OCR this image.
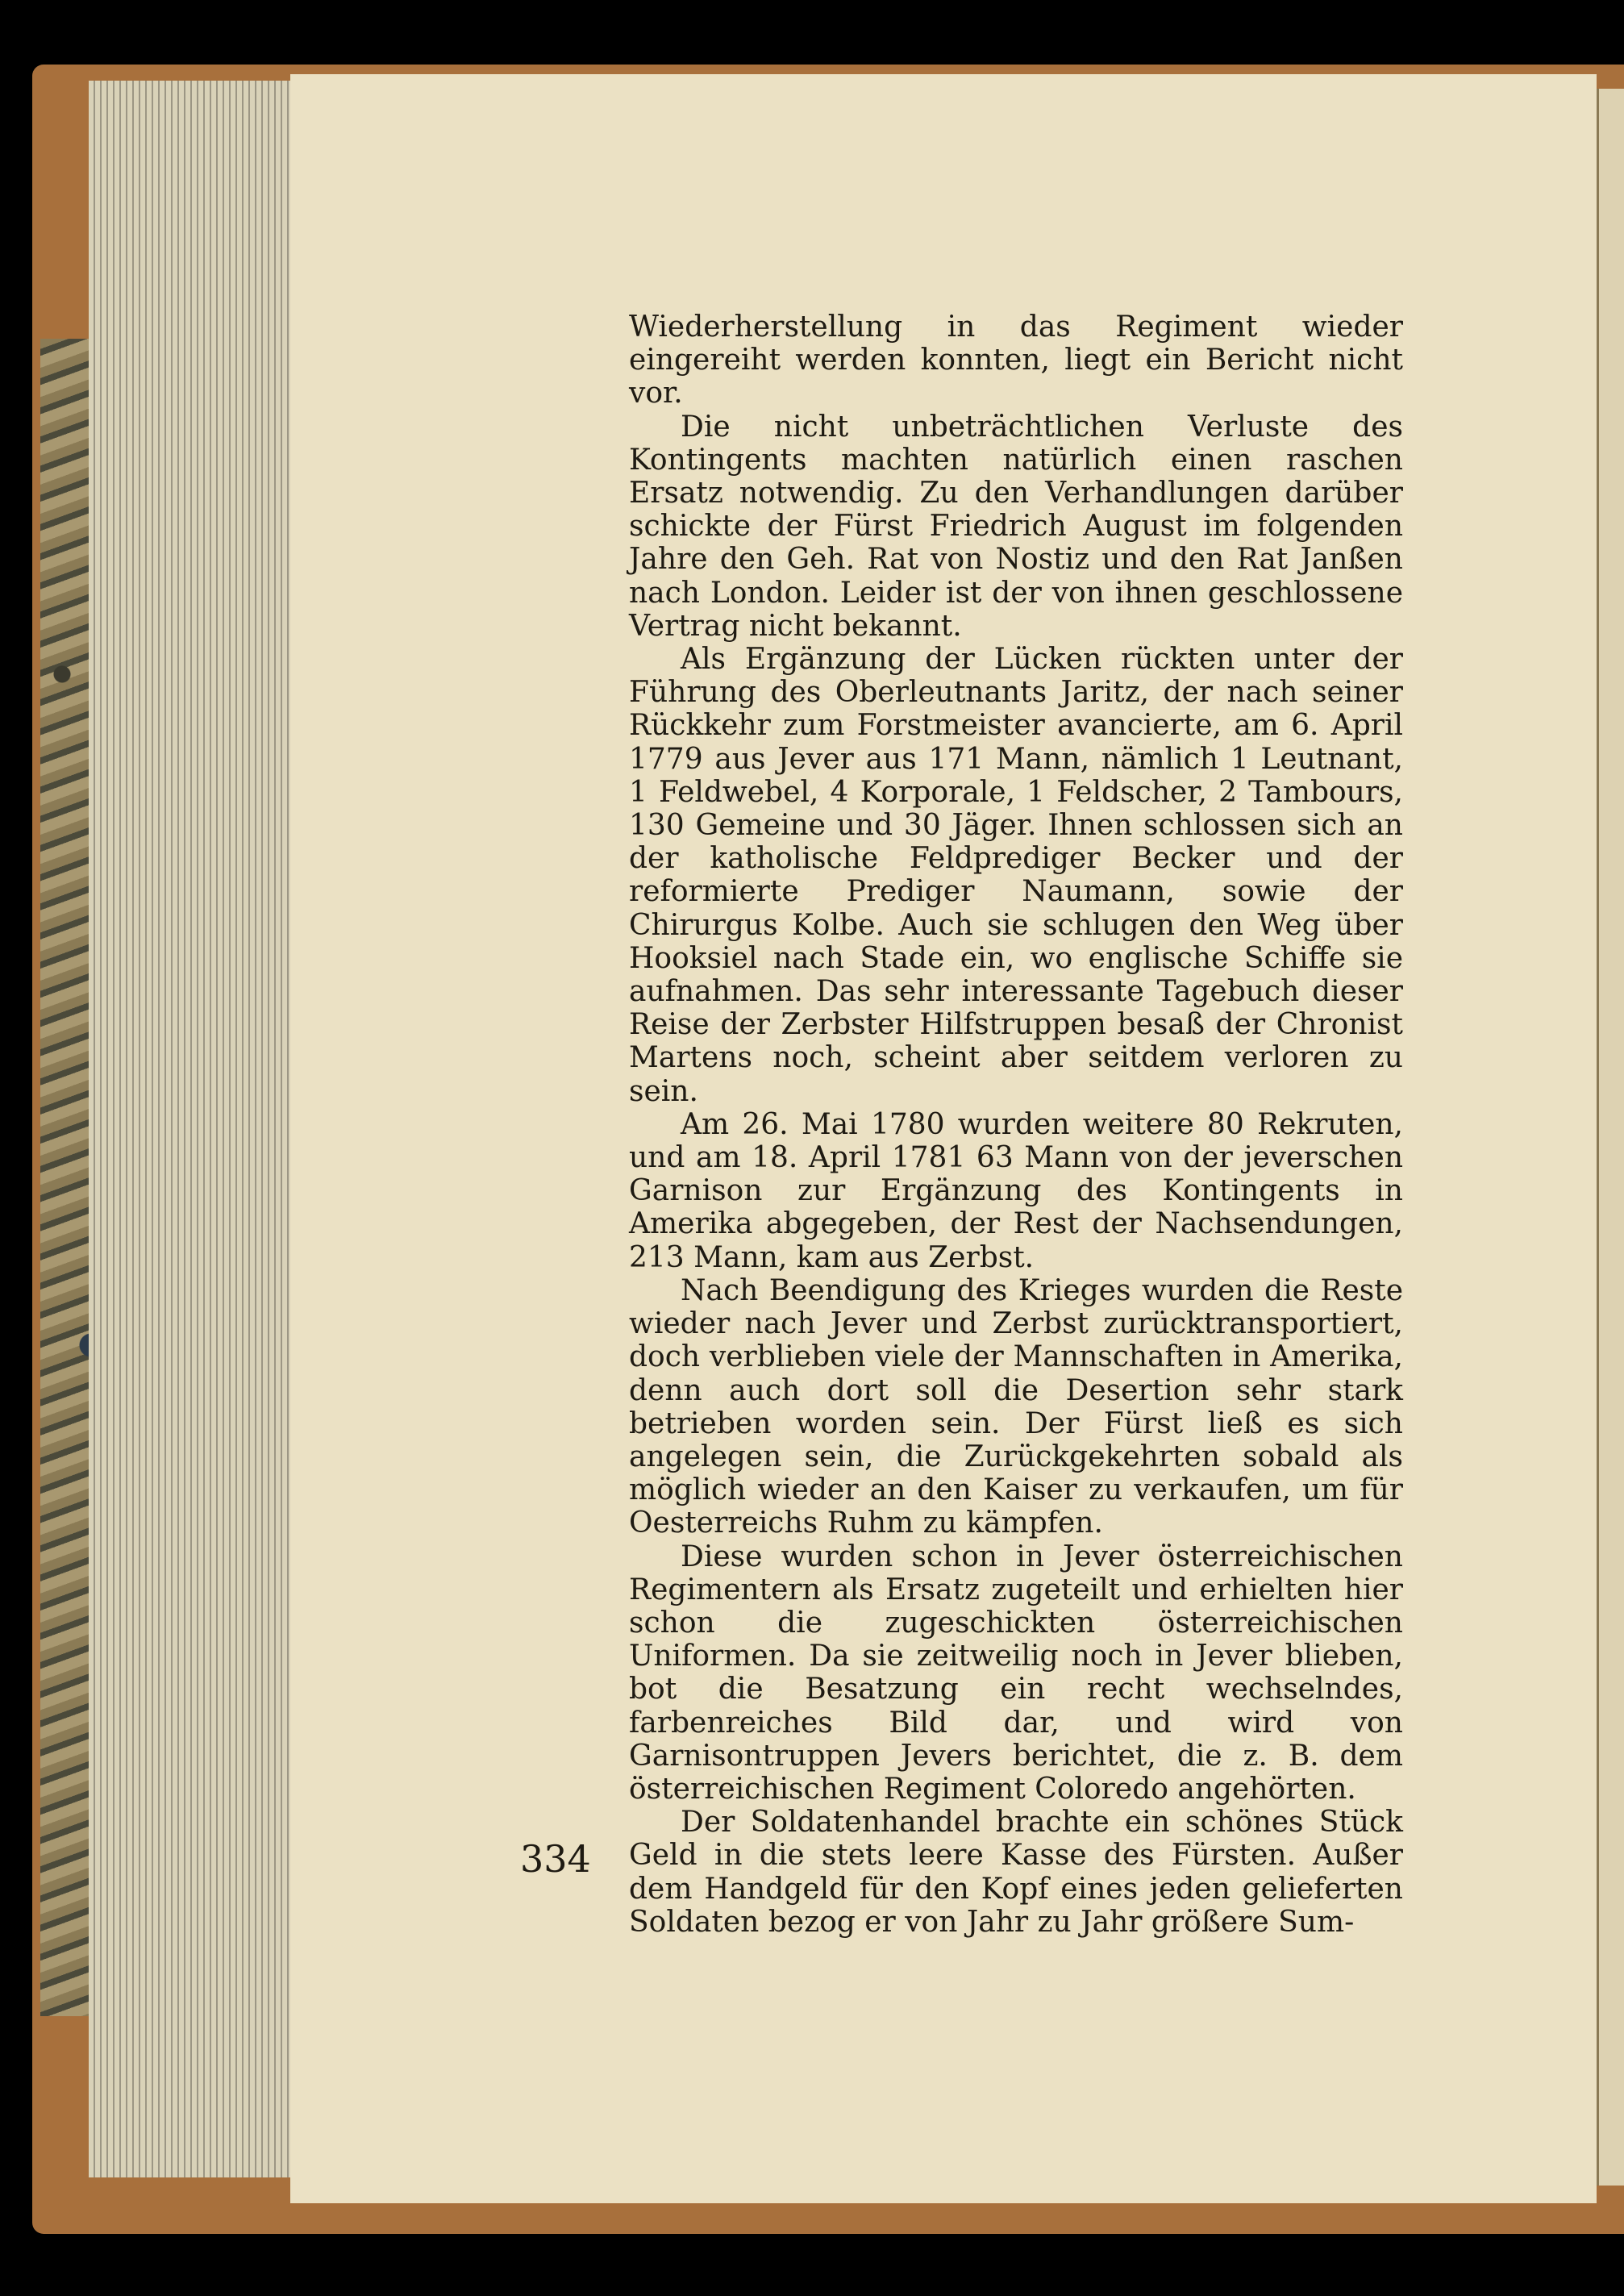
Wiederherstellung in das Regiment wieder eingereiht werden konnten, liegt ein Bericht nicht vor.

Die nicht unbeträchtlichen Verluste des Kontingents machten natürlich einen raschen Ersatz notwendig. Zu den Verhandlungen darüber schickte der Fürst Friedrich August im folgenden Jahre den Geh. Rat von Nostiz und den Rat Janßen nach London. Leider ist der von ihnen geschlossene Vertrag nicht bekannt.

Als Ergänzung der Lücken rückten unter der Führung des Oberleutnants Jaritz, der nach seiner Rückkehr zum Forstmeister avancierte, am 6. April 1779 aus Jever aus 171 Mann, nämlich 1 Leutnant, 1 Feldwebel, 4 Korporale, 1 Feldscher, 2 Tambours, 130 Gemeine und 30 Jäger. Ihnen schlossen sich an der katholische Feldprediger Becker und der reformierte Prediger Naumann, sowie der Chirurgus Kolbe. Auch sie schlugen den Weg über Hooksiel nach Stade ein, wo englische Schiffe sie aufnahmen. Das sehr interessante Tagebuch dieser Reise der Zerbster Hilfstruppen besaß der Chronist Martens noch, scheint aber seitdem verloren zu sein.

Am 26. Mai 1780 wurden weitere 80 Rekruten, und am 18. April 1781 63 Mann von der jeverschen Garnison zur Ergänzung des Kontingents in Amerika abgegeben, der Rest der Nachsendungen, 213 Mann, kam aus Zerbst.

Nach Beendigung des Krieges wurden die Reste wieder nach Jever und Zerbst zurücktransportiert, doch verblieben viele der Mannschaften in Amerika, denn auch dort soll die Desertion sehr stark betrieben worden sein. Der Fürst ließ es sich angelegen sein, die Zurückgekehrten sobald als möglich wieder an den Kaiser zu verkaufen, um für Oesterreichs Ruhm zu kämpfen.

Diese wurden schon in Jever österreichischen Regimentern als Ersatz zugeteilt und erhielten hier schon die zugeschickten österreichischen Uniformen. Da sie zeitweilig noch in Jever blieben, bot die Besatzung ein recht wechselndes, farbenreiches Bild dar, und wird von Garnisontruppen Jevers berichtet, die z. B. dem österreichischen Regiment Coloredo angehörten.

Der Soldatenhandel brachte ein schönes Stück Geld in die stets leere Kasse des Fürsten. Außer dem Handgeld für den Kopf eines jeden gelieferten Soldaten bezog er von Jahr zu Jahr größere Sum-

334
